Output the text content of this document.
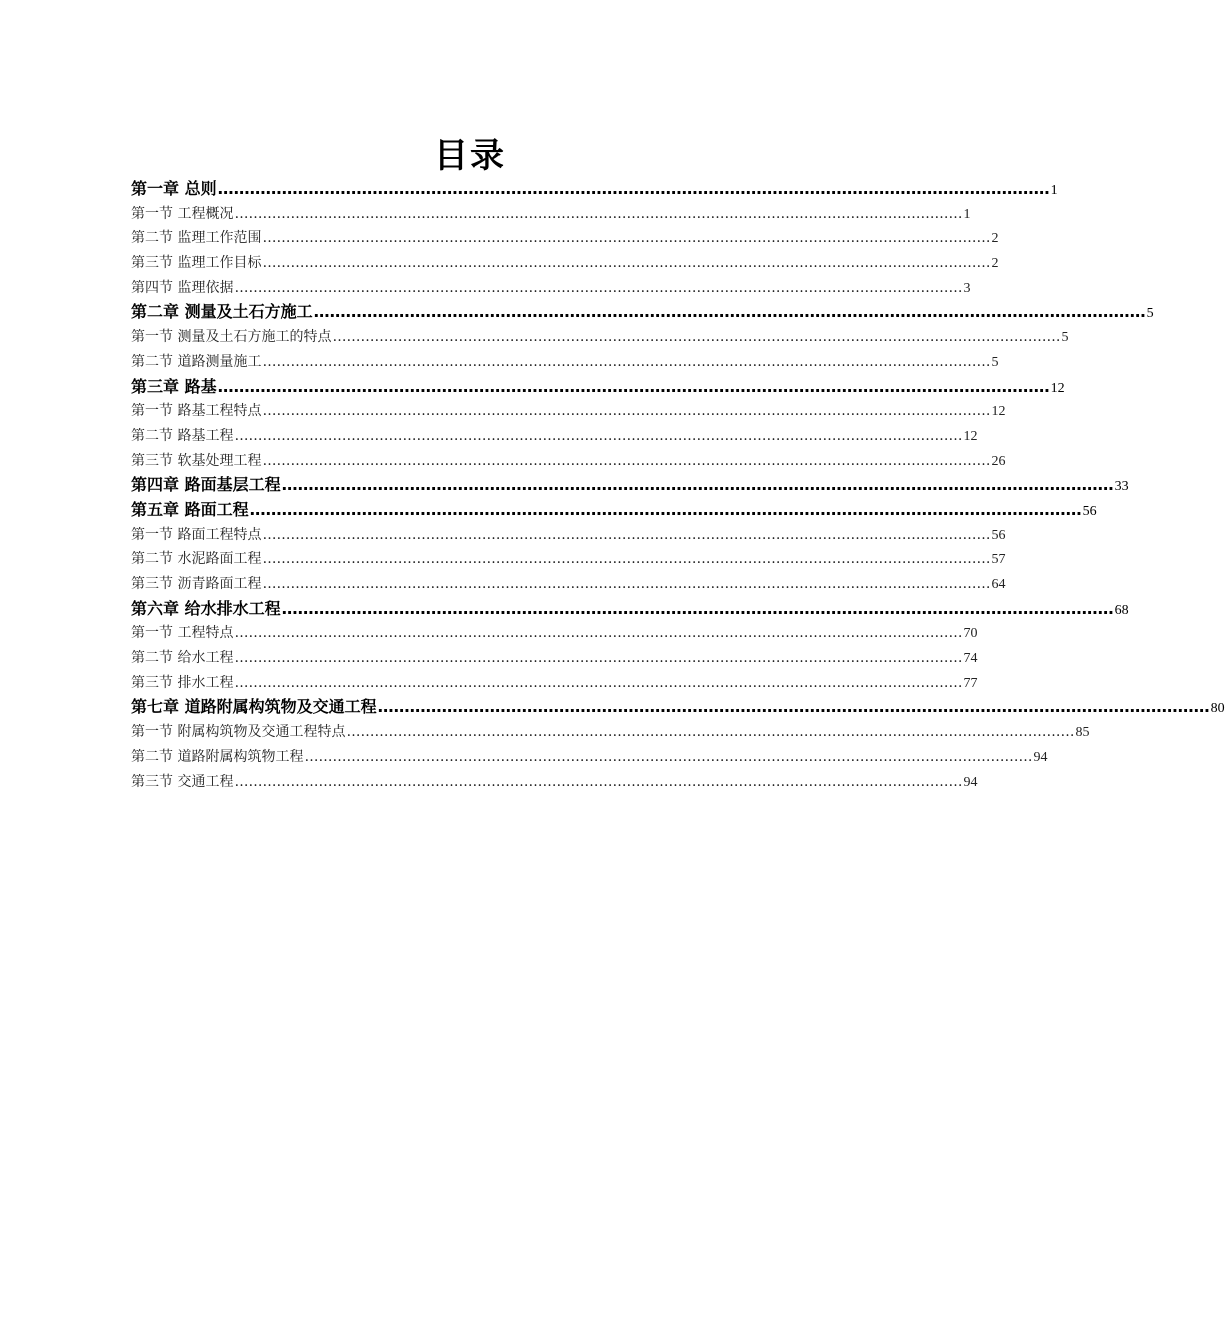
目录
第一章 总则 ………………………………………………………………………………………………………………………………………… 1
第一节 工程概况 ………………………………………………………………………………………………………………………………………… 1
第二节 监理工作范围 ………………………………………………………………………………………………………………………………………… 2
第三节 监理工作目标 ………………………………………………………………………………………………………………………………………… 2
第四节 监理依据 ………………………………………………………………………………………………………………………………………… 3
第二章 测量及土石方施工 ………………………………………………………………………………………………………………………………………… 5
第一节 测量及土石方施工的特点 ………………………………………………………………………………………………………………………………………… 5
第二节 道路测量施工 ………………………………………………………………………………………………………………………………………… 5
第三章 路基 ………………………………………………………………………………………………………………………………………… 12
第一节 路基工程特点 ………………………………………………………………………………………………………………………………………… 12
第二节 路基工程 ………………………………………………………………………………………………………………………………………… 12
第三节 软基处理工程 ………………………………………………………………………………………………………………………………………… 26
第四章 路面基层工程 ………………………………………………………………………………………………………………………………………… 33
第五章 路面工程 ………………………………………………………………………………………………………………………………………… 56
第一节 路面工程特点 ………………………………………………………………………………………………………………………………………… 56
第二节 水泥路面工程 ………………………………………………………………………………………………………………………………………… 57
第三节 沥青路面工程 ………………………………………………………………………………………………………………………………………… 64
第六章 给水排水工程 ………………………………………………………………………………………………………………………………………… 68
第一节 工程特点 ………………………………………………………………………………………………………………………………………… 70
第二节 给水工程 ………………………………………………………………………………………………………………………………………… 74
第三节 排水工程 ………………………………………………………………………………………………………………………………………… 77
第七章 道路附属构筑物及交通工程 ………………………………………………………………………………………………………………………………………… 80
第一节 附属构筑物及交通工程特点 ………………………………………………………………………………………………………………………………………… 85
第二节 道路附属构筑物工程 ………………………………………………………………………………………………………………………………………… 94
第三节 交通工程 ………………………………………………………………………………………………………………………………………… 94
